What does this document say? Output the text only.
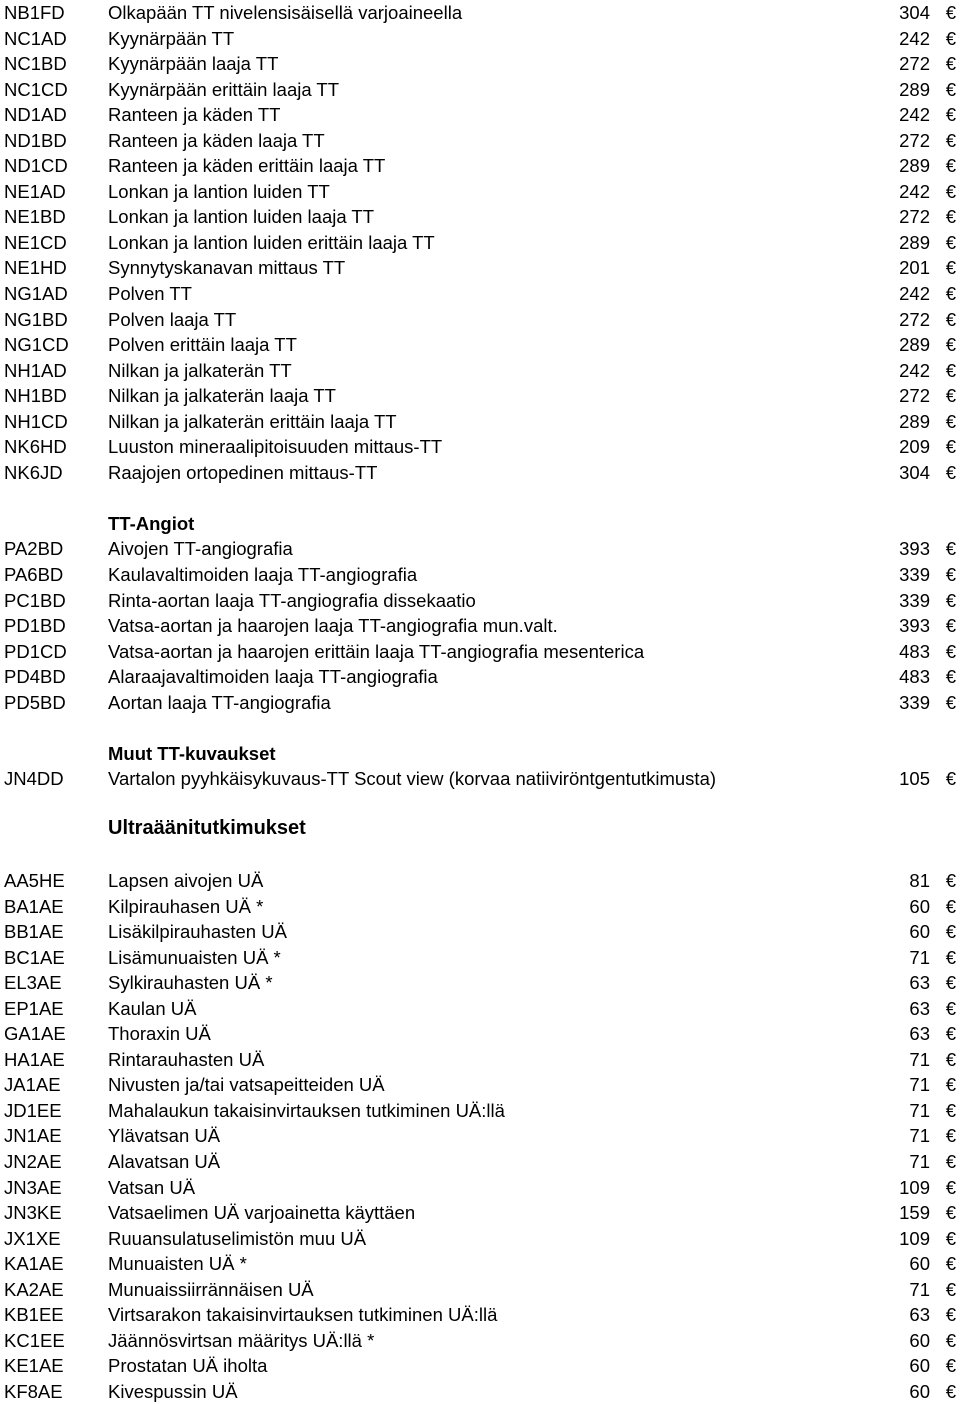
NB1FD Olkapään TT nivelensisäisellä varjoaineella	304 €
NC1AD Kyynärpään TT	242 €
NC1BD Kyynärpään laaja TT	272 €
NC1CD Kyynärpään erittäin laaja TT	289 €
ND1AD Ranteen ja käden TT	242 €
ND1BD Ranteen ja käden laaja TT	272 €
ND1CD Ranteen ja käden erittäin laaja TT	289 €
NE1AD Lonkan ja lantion luiden TT	242 €
NE1BD Lonkan ja lantion luiden laaja TT	272 €
NE1CD Lonkan ja lantion luiden erittäin laaja TT	289 €
NE1HD Synnytyskanavan mittaus TT	201 €
NG1AD Polven TT	242 €
NG1BD Polven laaja TT	272 €
NG1CD Polven erittäin laaja TT	289 €
NH1AD Nilkan ja jalkaterän TT	242 €
NH1BD Nilkan ja jalkaterän laaja TT	272 €
NH1CD Nilkan ja jalkaterän erittäin laaja TT	289 €
NK6HD Luuston mineraalipitoisuuden mittaus-TT	209 €
NK6JD Raajojen ortopedinen mittaus-TT	304 €
TT-Angiot
PA2BD Aivojen TT-angiografia	393 €
PA6BD Kaulavaltimoiden laaja TT-angiografia	339 €
PC1BD Rinta-aortan laaja TT-angiografia dissekaatio	339 €
PD1BD Vatsa-aortan ja haarojen laaja TT-angiografia mun.valt.	393 €
PD1CD Vatsa-aortan ja haarojen erittäin laaja TT-angiografia mesenterica	483 €
PD4BD Alaraajavaltimoiden laaja TT-angiografia	483 €
PD5BD Aortan laaja TT-angiografia	339 €
Muut TT-kuvaukset
JN4DD Vartalon pyyhkäisykuvaus-TT Scout view (korvaa natiiviröntgentutkimusta)	105 €
Ultraäänitutkimukset
AA5HE Lapsen aivojen UÄ	81 €
BA1AE Kilpirauhasen UÄ *	60 €
BB1AE Lisäkilpirauhasten UÄ	60 €
BC1AE Lisämunuaisten UÄ *	71 €
EL3AE	Sylkirauhasten UÄ *	63 €
EP1AE Kaulan UÄ	63 €
GA1AE Thoraxin UÄ	63 €
HA1AE Rintarauhasten UÄ	71 €
JA1AE	Nivusten ja/tai vatsapeitteiden UÄ	71 €
JD1EE	Mahalaukun takaisinvirtauksen tutkiminen UÄ:llä	71 €
JN1AE	Ylävatsan UÄ	71 €
JN2AE	Alavatsan UÄ	71 €
JN3AE	Vatsan UÄ	109 €
JN3KE	Vatsaelimen UÄ varjoainetta käyttäen	159 €
JX1XE	Ruuansulatuselimistön muu UÄ	109 €
KA1AE Munuaisten UÄ *	60 €
KA2AE Munuaissiirrännäisen UÄ	71 €
KB1EE Virtsarakon takaisinvirtauksen tutkiminen UÄ:llä	63 €
KC1EE Jäännösvirtsan määritys UÄ:llä *	60 €
KE1AE Prostatan UÄ iholta	60 €
KF8AE Kivespussin UÄ	60 €
